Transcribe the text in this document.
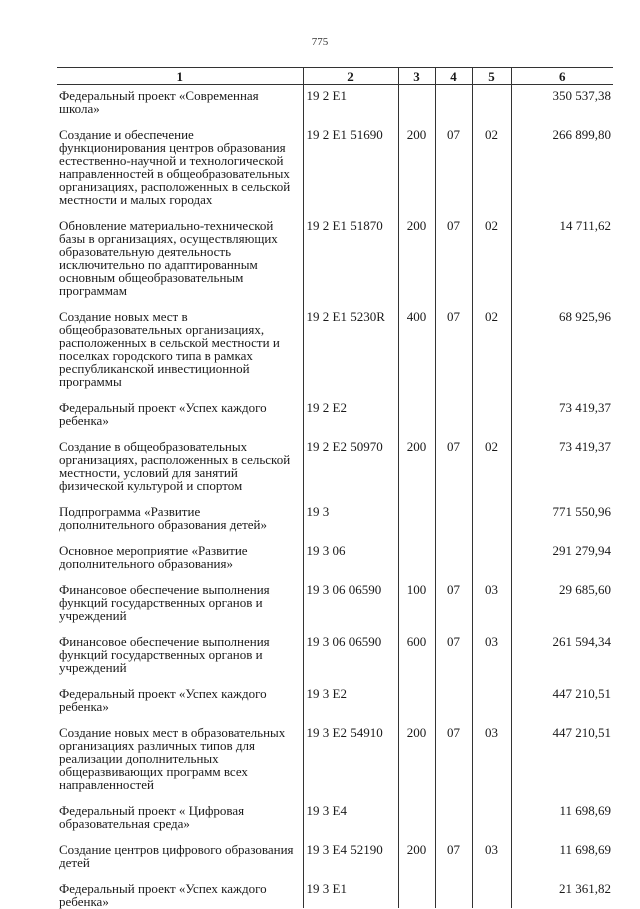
775
1	2	3	4	5	6
Федеральный проект «Современная школа»	19 2 E1				350 537,38

Создание и обеспечение функционирования центров образования естественно-научной и технологической направленностей в общеобразовательных организациях, расположенных в сельской местности и малых городах	19 2 E1 51690	200	07	02	266 899,80

Обновление материально-технической базы в организациях, осуществляющих образовательную деятельность исключительно по адаптированным основным общеобразовательным программам	19 2 E1 51870	200	07	02	14 711,62

Создание новых мест в общеобразовательных организациях, расположенных в сельской местности и поселках городского типа в рамках республиканской инвестиционной программы	19 2 E1 5230R	400	07	02	68 925,96

Федеральный проект «Успех каждого ребенка»	19 2 E2				73 419,37

Создание в общеобразовательных организациях, расположенных в сельской местности, условий для занятий физической культурой и спортом	19 2 E2 50970	200	07	02	73 419,37

Подпрограмма «Развитие дополнительного образования детей»	19 3				771 550,96

Основное мероприятие «Развитие дополнительного образования»	19 3 06				291 279,94

Финансовое обеспечение выполнения функций государственных органов и учреждений	19 3 06 06590	100	07	03	29 685,60

Финансовое обеспечение выполнения функций государственных органов и учреждений	19 3 06 06590	600	07	03	261 594,34

Федеральный проект «Успех каждого ребенка»	19 3 E2				447 210,51

Создание новых мест в образовательных организациях различных типов для реализации дополнительных общеразвивающих программ всех направленностей	19 3 E2 54910	200	07	03	447 210,51

Федеральный проект « Цифровая образовательная среда»	19 3 E4				11 698,69

Создание центров цифрового образования детей	19 3 E4 52190	200	07	03	11 698,69

Федеральный проект «Успех каждого ребенка»	19 3 E1				21 361,82
